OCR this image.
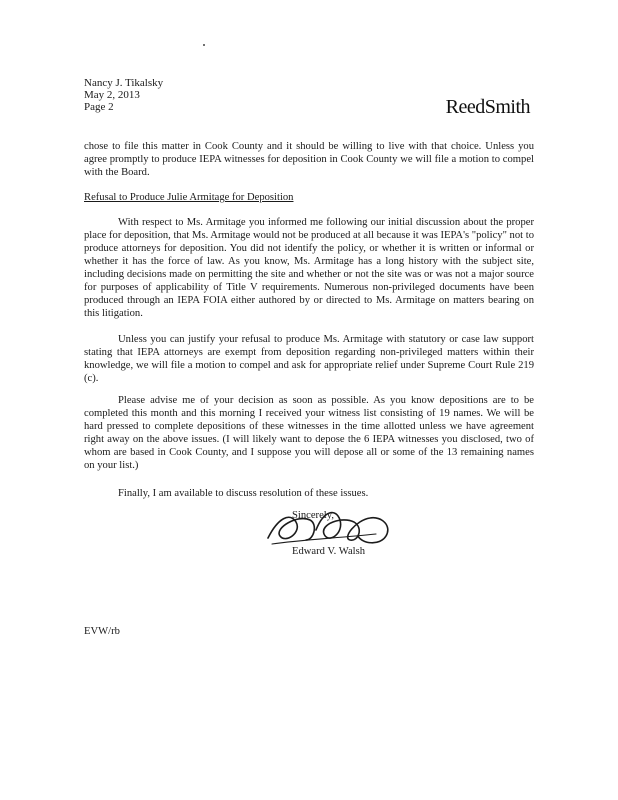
Nancy J. Tikalsky
May 2, 2013
Page 2	ReedSmith
chose to file this matter in Cook County and it should be willing to live with that choice. Unless you agree promptly to produce IEPA witnesses for deposition in Cook County we will file a motion to compel with the Board.
Refusal to Produce Julie Armitage for Deposition
With respect to Ms. Armitage you informed me following our initial discussion about the proper place for deposition, that Ms. Armitage would not be produced at all because it was IEPA's "policy" not to produce attorneys for deposition. You did not identify the policy, or whether it is written or informal or whether it has the force of law. As you know, Ms. Armitage has a long history with the subject site, including decisions made on permitting the site and whether or not the site was or was not a major source for purposes of applicability of Title V requirements. Numerous non-privileged documents have been produced through an IEPA FOIA either authored by or directed to Ms. Armitage on matters bearing on this litigation.
Unless you can justify your refusal to produce Ms. Armitage with statutory or case law support stating that IEPA attorneys are exempt from deposition regarding non-privileged matters within their knowledge, we will file a motion to compel and ask for appropriate relief under Supreme Court Rule 219 (c).
Please advise me of your decision as soon as possible. As you know depositions are to be completed this month and this morning I received your witness list consisting of 19 names. We will be hard pressed to complete depositions of these witnesses in the time allotted unless we have agreement right away on the above issues. (I will likely want to depose the 6 IEPA witnesses you disclosed, two of whom are based in Cook County, and I suppose you will depose all or some of the 13 remaining names on your list.)
Finally, I am available to discuss resolution of these issues.
Sincerely,
Edward V. Walsh
EVW/rb
